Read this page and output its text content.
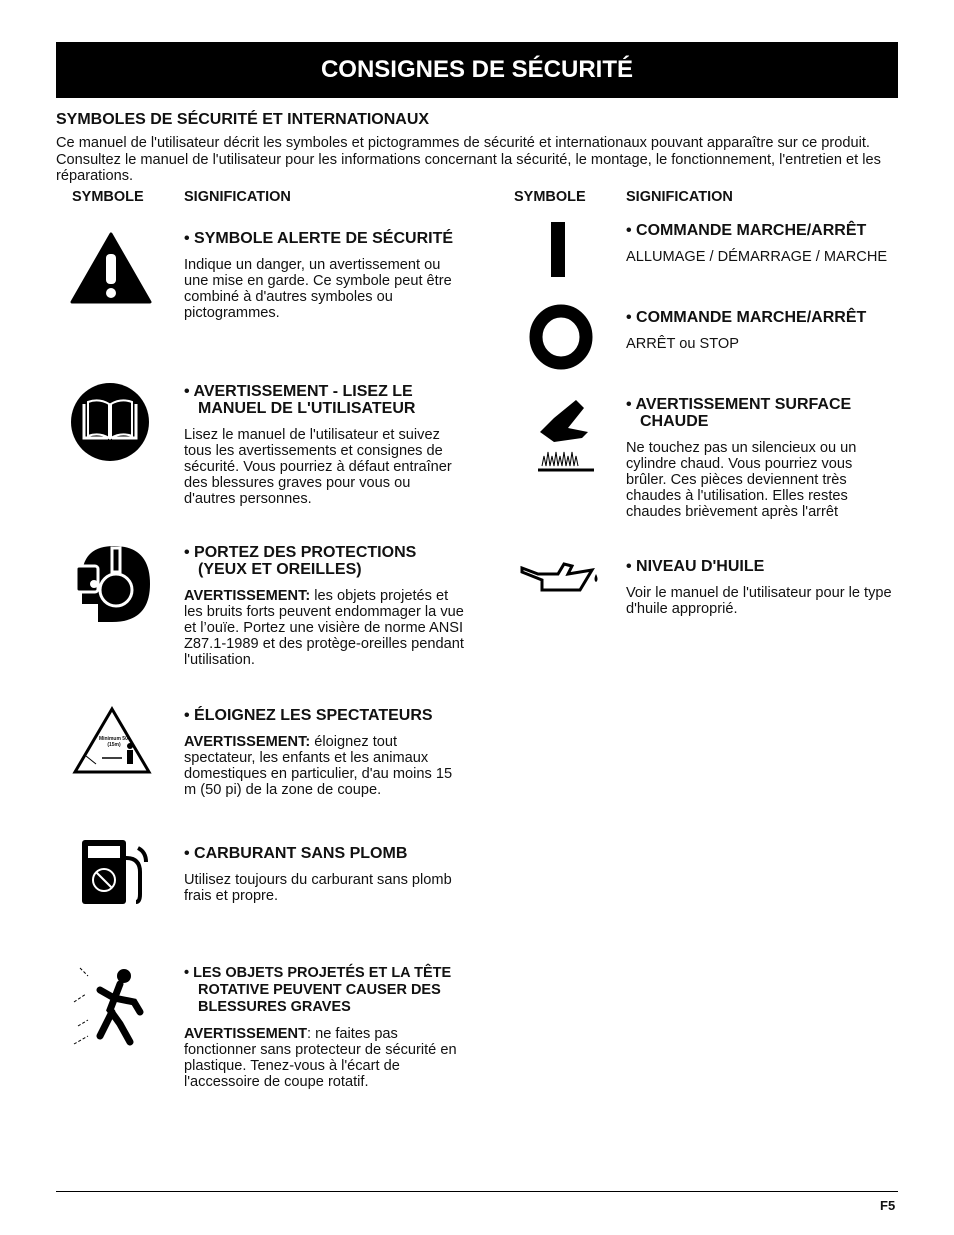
CONSIGNES DE SÉCURITÉ
SYMBOLES DE SÉCURITÉ ET INTERNATIONAUX
Ce manuel de l'utilisateur décrit les symboles et pictogrammes de sécurité et internationaux pouvant apparaître sur ce produit. Consultez le manuel de l'utilisateur pour les informations concernant la sécurité, le montage, le fonctionnement, l'entretien et les réparations.
SYMBOLE	SIGNIFICATION	SYMBOLE	SIGNIFICATION
Minimum 50' (15m)
• SYMBOLE ALERTE DE SÉCURITÉ
Indique un danger, un avertissement ou une mise en garde. Ce symbole peut être combiné à d'autres symboles ou pictogrammes.
• AVERTISSEMENT - LISEZ LE MANUEL DE L'UTILISATEUR
Lisez le manuel de l'utilisateur et suivez tous les avertissements et consignes de sécurité. Vous pourriez à défaut entraîner des blessures graves pour vous ou d'autres personnes.
• PORTEZ DES PROTECTIONS (YEUX ET OREILLES)
AVERTISSEMENT: les objets projetés et les bruits forts peuvent endommager la vue et l’ouïe. Portez une visière de norme ANSI Z87.1-1989 et des protège-oreilles pendant l'utilisation.
• ÉLOIGNEZ LES SPECTATEURS
AVERTISSEMENT: éloignez tout spectateur, les enfants et les animaux domestiques en particulier, d'au moins 15 m (50 pi) de la zone de coupe.
• CARBURANT SANS PLOMB
Utilisez toujours du carburant sans plomb frais et propre.
• LES OBJETS PROJETÉS ET LA TÊTE ROTATIVE PEUVENT CAUSER DES BLESSURES GRAVES
AVERTISSEMENT: ne faites pas fonctionner sans protecteur de sécurité en plastique. Tenez-vous à l'écart de l'accessoire de coupe rotatif.
• COMMANDE MARCHE/ARRÊT
ALLUMAGE / DÉMARRAGE / MARCHE
• COMMANDE MARCHE/ARRÊT
ARRÊT ou STOP
• AVERTISSEMENT SURFACE CHAUDE
Ne touchez pas un silencieux ou un cylindre chaud. Vous pourriez vous brûler. Ces pièces deviennent très chaudes à l'utilisation. Elles restes chaudes brièvement après l'arrêt
• NIVEAU D'HUILE
Voir le manuel de l'utilisateur pour le type d'huile approprié.
F5
